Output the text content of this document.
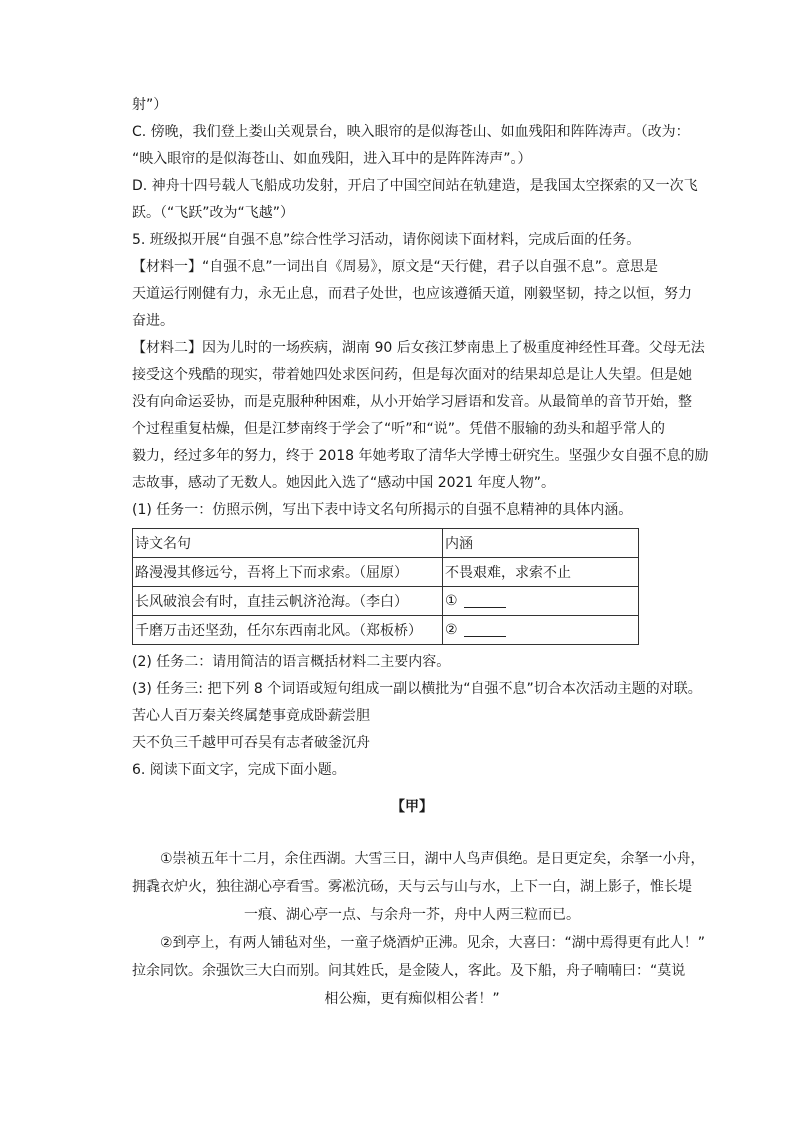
射”）
C. 傍晚，我们登上娄山关观景台，映入眼帘的是似海苍山、如血残阳和阵阵涛声。（改为：
“映入眼帘的是似海苍山、如血残阳，进入耳中的是阵阵涛声”。）
D. 神舟十四号载人飞船成功发射，开启了中国空间站在轨建造，是我国太空探索的又一次飞
跃。（“飞跃”改为“飞越”）
5. 班级拟开展“自强不息”综合性学习活动，请你阅读下面材料，完成后面的任务。
【材料一】“自强不息”一词出自《周易》，原文是“天行健，君子以自强不息”。意思是
天道运行刚健有力，永无止息，而君子处世，也应该遵循天道，刚毅坚韧，持之以恒，努力
奋进。
【材料二】因为儿时的一场疾病，湖南 90 后女孩江梦南患上了极重度神经性耳聋。父母无法
接受这个残酷的现实，带着她四处求医问药，但是每次面对的结果却总是让人失望。但是她
没有向命运妥协，而是克服种种困难，从小开始学习唇语和发音。从最简单的音节开始，整
个过程重复枯燥，但是江梦南终于学会了“听”和“说”。凭借不服输的劲头和超乎常人的
毅力，经过多年的努力，终于 2018 年她考取了清华大学博士研究生。坚强少女自强不息的励
志故事，感动了无数人。她因此入选了“感动中国 2021 年度人物”。
(1) 任务一：仿照示例，写出下表中诗文名句所揭示的自强不息精神的具体内涵。
诗文名句	内涵
路漫漫其修远兮，吾将上下而求索。（屈原）	不畏艰难，求索不止
长风破浪会有时，直挂云帆济沧海。（李白）	①
千磨万击还坚劲，任尔东西南北风。（郑板桥）	②
(2) 任务二：请用简洁的语言概括材料二主要内容。
(3) 任务三: 把下列 8 个词语或短句组成一副以横批为“自强不息”切合本次活动主题的对联。
苦心人百万秦关终属楚事竟成卧薪尝胆
天不负三千越甲可吞吴有志者破釜沉舟
6. 阅读下面文字，完成下面小题。
【甲】
①崇祯五年十二月，余住西湖。大雪三日，湖中人鸟声俱绝。是日更定矣，余拏一小舟，
拥毳衣炉火，独往湖心亭看雪。雾凇沆砀，天与云与山与水，上下一白，湖上影子，惟长堤
一痕、湖心亭一点、与余舟一芥，舟中人两三粒而已。
②到亭上，有两人铺毡对坐，一童子烧酒炉正沸。见余，大喜曰：“湖中焉得更有此人！”
拉余同饮。余强饮三大白而别。问其姓氏，是金陵人，客此。及下船，舟子喃喃曰：“莫说
相公痴，更有痴似相公者！”
